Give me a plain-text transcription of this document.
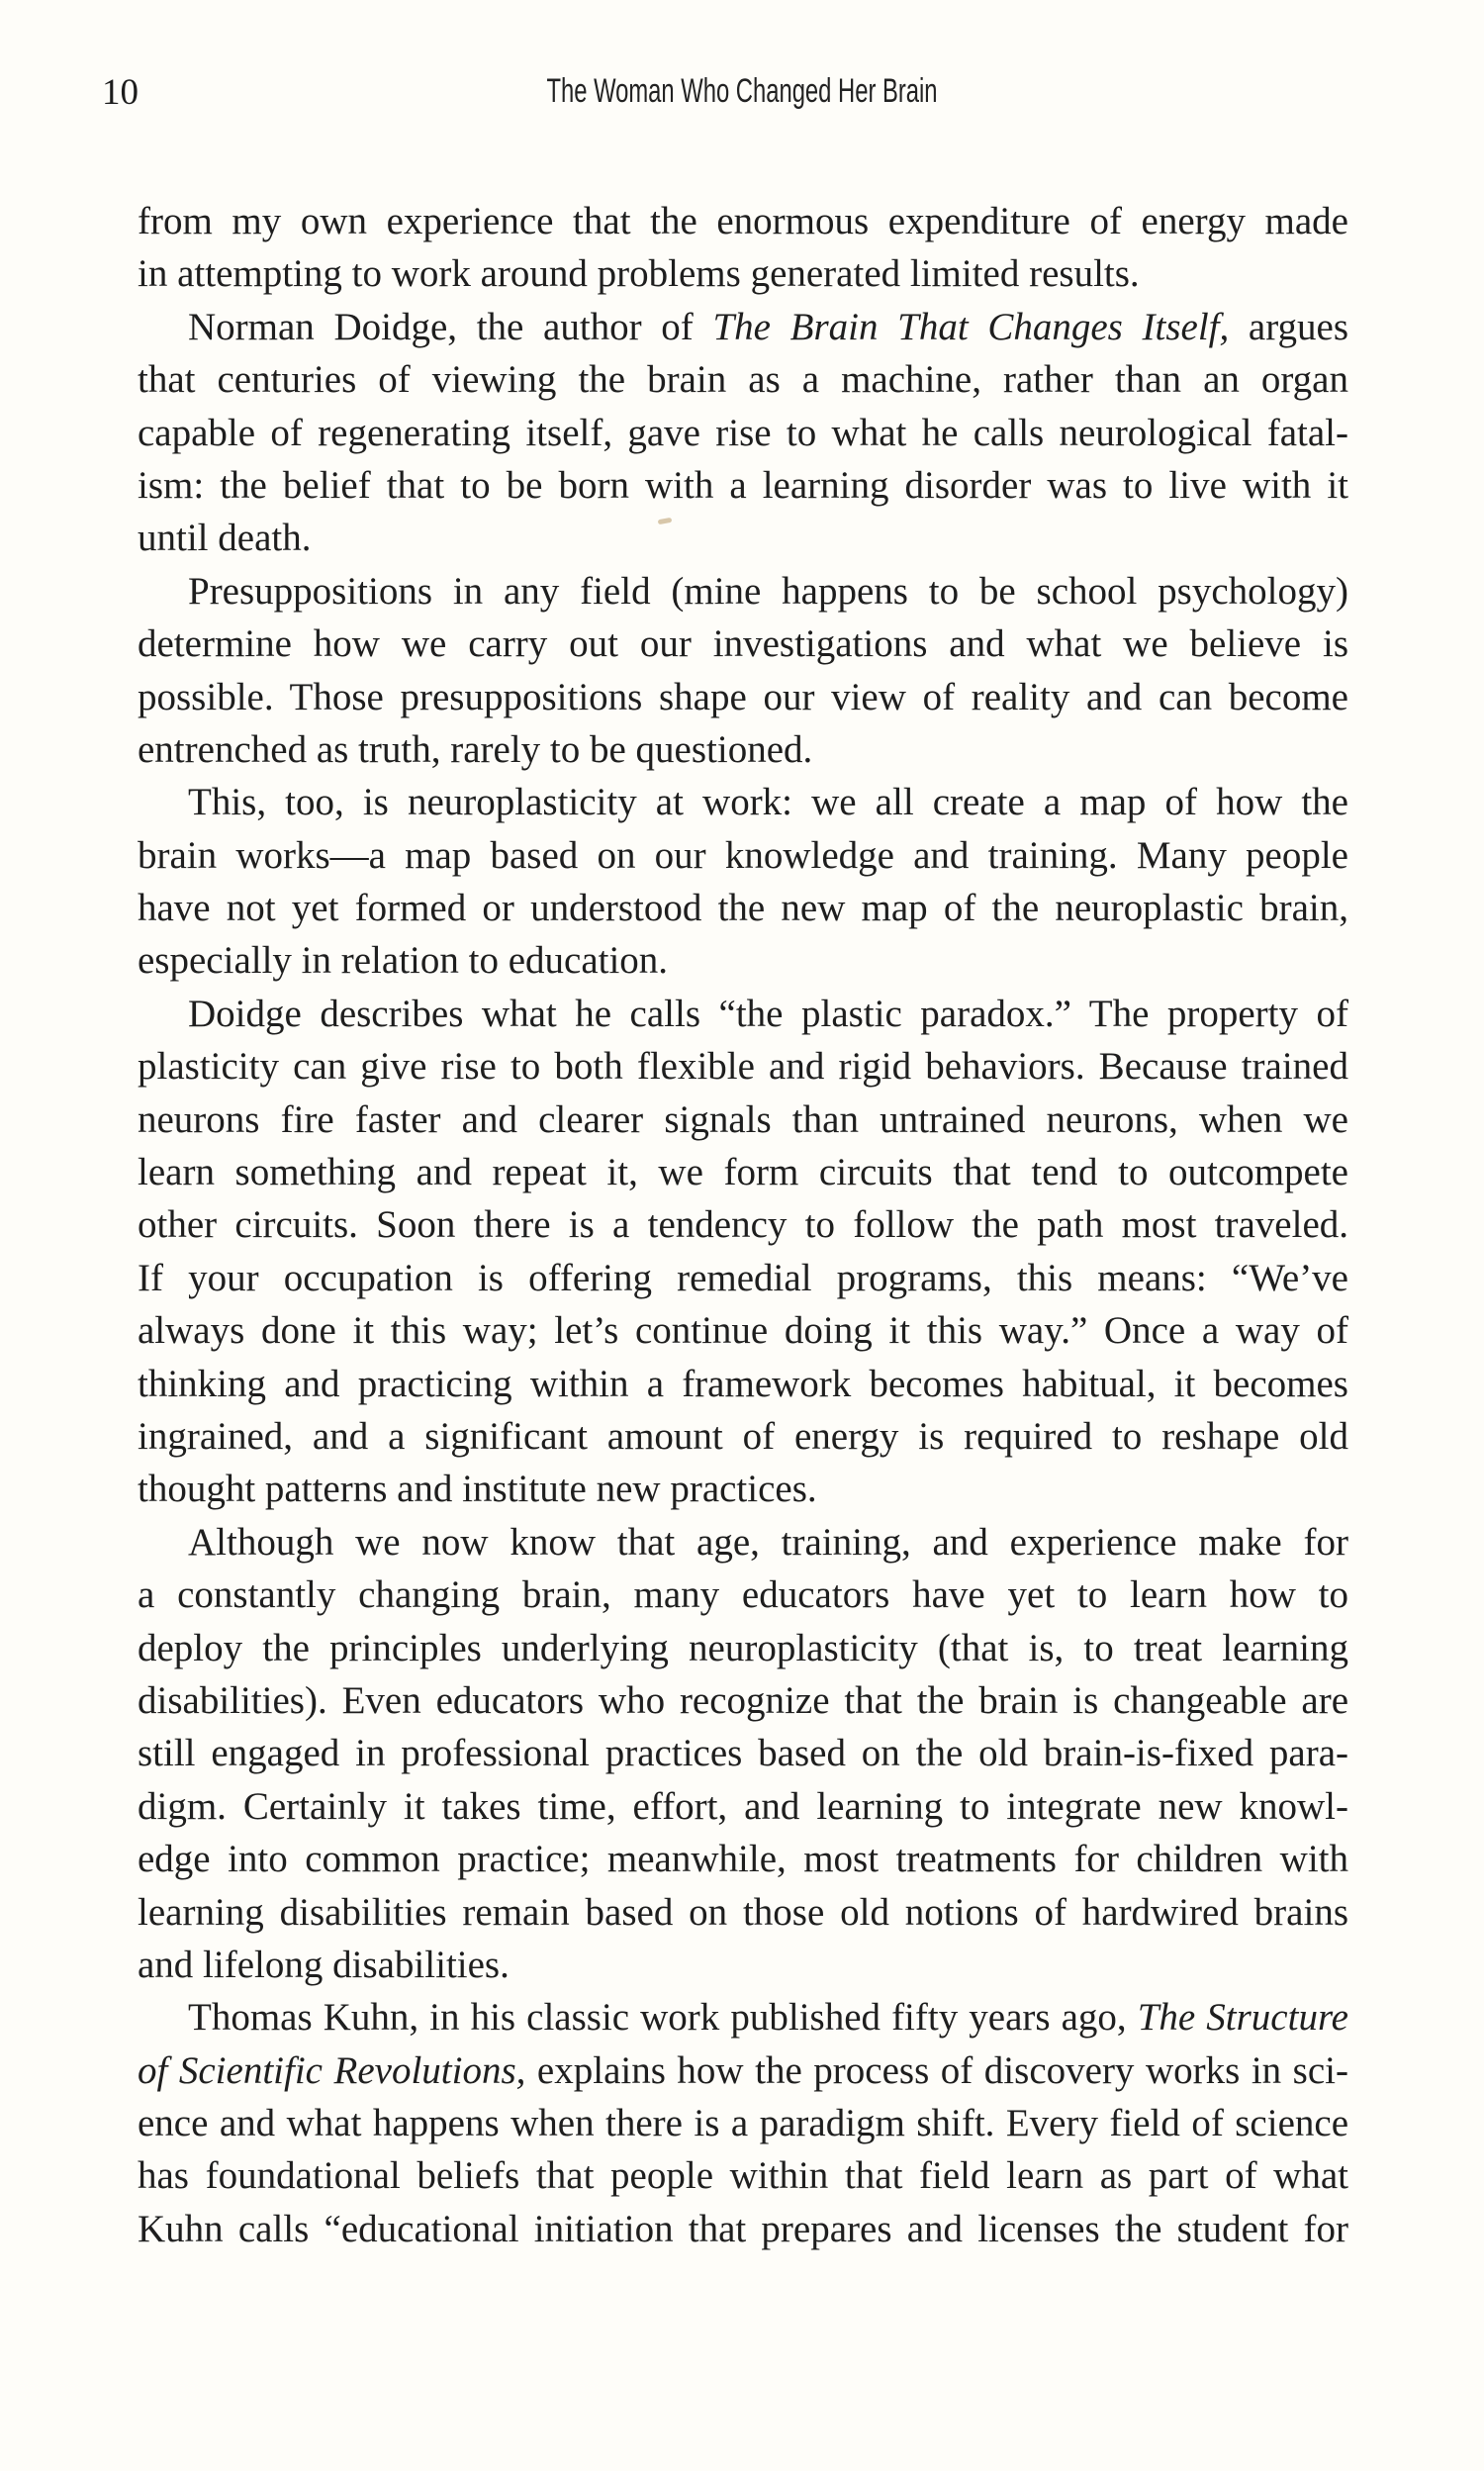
10	The Woman Who Changed Her Brain
from my own experience that the enormous expenditure of energy made
in attempting to work around problems generated limited results.
Norman Doidge, the author of The Brain That Changes Itself, argues
that centuries of viewing the brain as a machine, rather than an organ
capable of regenerating itself, gave rise to what he calls neurological fatal-
ism: the belief that to be born with a learning disorder was to live with it
until death.
Presuppositions in any field (mine happens to be school psychology)
determine how we carry out our investigations and what we believe is
possible. Those presuppositions shape our view of reality and can become
entrenched as truth, rarely to be questioned.
This, too, is neuroplasticity at work: we all create a map of how the
brain works—a map based on our knowledge and training. Many people
have not yet formed or understood the new map of the neuroplastic brain,
especially in relation to education.
Doidge describes what he calls “the plastic paradox.” The property of
plasticity can give rise to both flexible and rigid behaviors. Because trained
neurons fire faster and clearer signals than untrained neurons, when we
learn something and repeat it, we form circuits that tend to outcompete
other circuits. Soon there is a tendency to follow the path most traveled.
If your occupation is offering remedial programs, this means: “We’ve
always done it this way; let’s continue doing it this way.” Once a way of
thinking and practicing within a framework becomes habitual, it becomes
ingrained, and a significant amount of energy is required to reshape old
thought patterns and institute new practices.
Although we now know that age, training, and experience make for
a constantly changing brain, many educators have yet to learn how to
deploy the principles underlying neuroplasticity (that is, to treat learning
disabilities). Even educators who recognize that the brain is changeable are
still engaged in professional practices based on the old brain-is-fixed para-
digm. Certainly it takes time, effort, and learning to integrate new knowl-
edge into common practice; meanwhile, most treatments for children with
learning disabilities remain based on those old notions of hardwired brains
and lifelong disabilities.
Thomas Kuhn, in his classic work published fifty years ago, The Structure
of Scientific Revolutions, explains how the process of discovery works in sci-
ence and what happens when there is a paradigm shift. Every field of science
has foundational beliefs that people within that field learn as part of what
Kuhn calls “educational initiation that prepares and licenses the student for
